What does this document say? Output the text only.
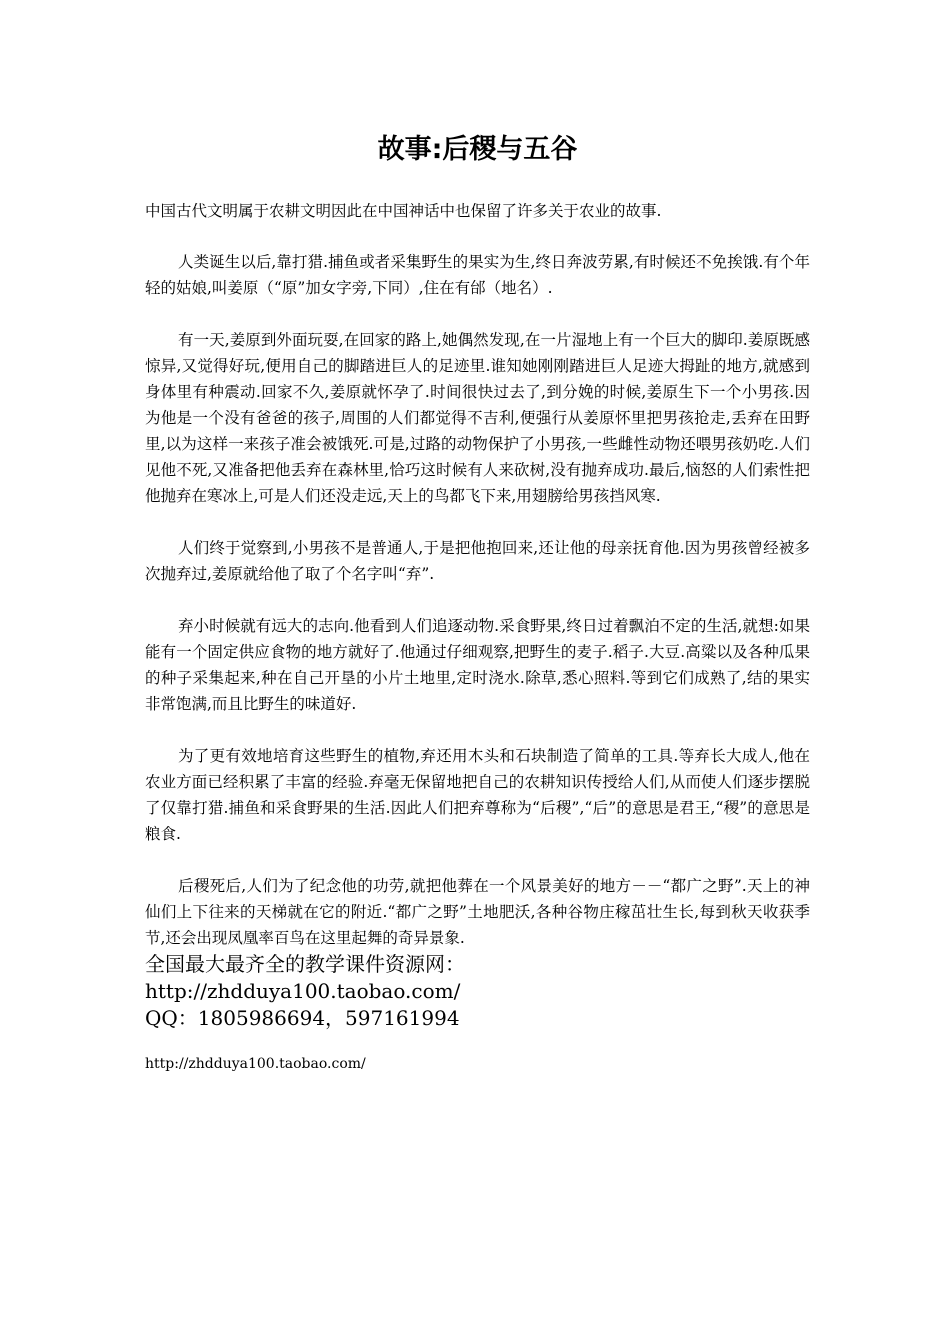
故事:后稷与五谷

中国古代文明属于农耕文明因此在中国神话中也保留了许多关于农业的故事.

人类诞生以后,靠打猎.捕鱼或者采集野生的果实为生,终日奔波劳累,有时候还不免挨饿.有个年轻的姑娘,叫姜原（“原”加女字旁,下同）,住在有邰（地名）.

有一天,姜原到外面玩耍,在回家的路上,她偶然发现,在一片湿地上有一个巨大的脚印.姜原既感惊异,又觉得好玩,便用自己的脚踏进巨人的足迹里.谁知她刚刚踏进巨人足迹大拇趾的地方,就感到身体里有种震动.回家不久,姜原就怀孕了.时间很快过去了,到分娩的时候,姜原生下一个小男孩.因为他是一个没有爸爸的孩子,周围的人们都觉得不吉利,便强行从姜原怀里把男孩抢走,丢弃在田野里,以为这样一来孩子准会被饿死.可是,过路的动物保护了小男孩,一些雌性动物还喂男孩奶吃.人们见他不死,又准备把他丢弃在森林里,恰巧这时候有人来砍树,没有抛弃成功.最后,恼怒的人们索性把他抛弃在寒冰上,可是人们还没走远,天上的鸟都飞下来,用翅膀给男孩挡风寒.

人们终于觉察到,小男孩不是普通人,于是把他抱回来,还让他的母亲抚育他.因为男孩曾经被多次抛弃过,姜原就给他了取了个名字叫“弃”.

弃小时候就有远大的志向.他看到人们追逐动物.采食野果,终日过着飘泊不定的生活,就想:如果能有一个固定供应食物的地方就好了.他通过仔细观察,把野生的麦子.稻子.大豆.高粱以及各种瓜果的种子采集起来,种在自己开垦的小片土地里,定时浇水.除草,悉心照料.等到它们成熟了,结的果实非常饱满,而且比野生的味道好.

为了更有效地培育这些野生的植物,弃还用木头和石块制造了简单的工具.等弃长大成人,他在农业方面已经积累了丰富的经验.弃毫无保留地把自己的农耕知识传授给人们,从而使人们逐步摆脱了仅靠打猎.捕鱼和采食野果的生活.因此人们把弃尊称为“后稷”,“后”的意思是君王,“稷”的意思是粮食.

后稷死后,人们为了纪念他的功劳,就把他葬在一个风景美好的地方－－“都广之野”.天上的神仙们上下往来的天梯就在它的附近.“都广之野”土地肥沃,各种谷物庄稼茁壮生长,每到秋天收获季节,还会出现凤凰率百鸟在这里起舞的奇异景象.

全国最大最齐全的教学课件资源网：

http://zhdduya100.taobao.com/

QQ：1805986694，597161994

http://zhdduya100.taobao.com/
